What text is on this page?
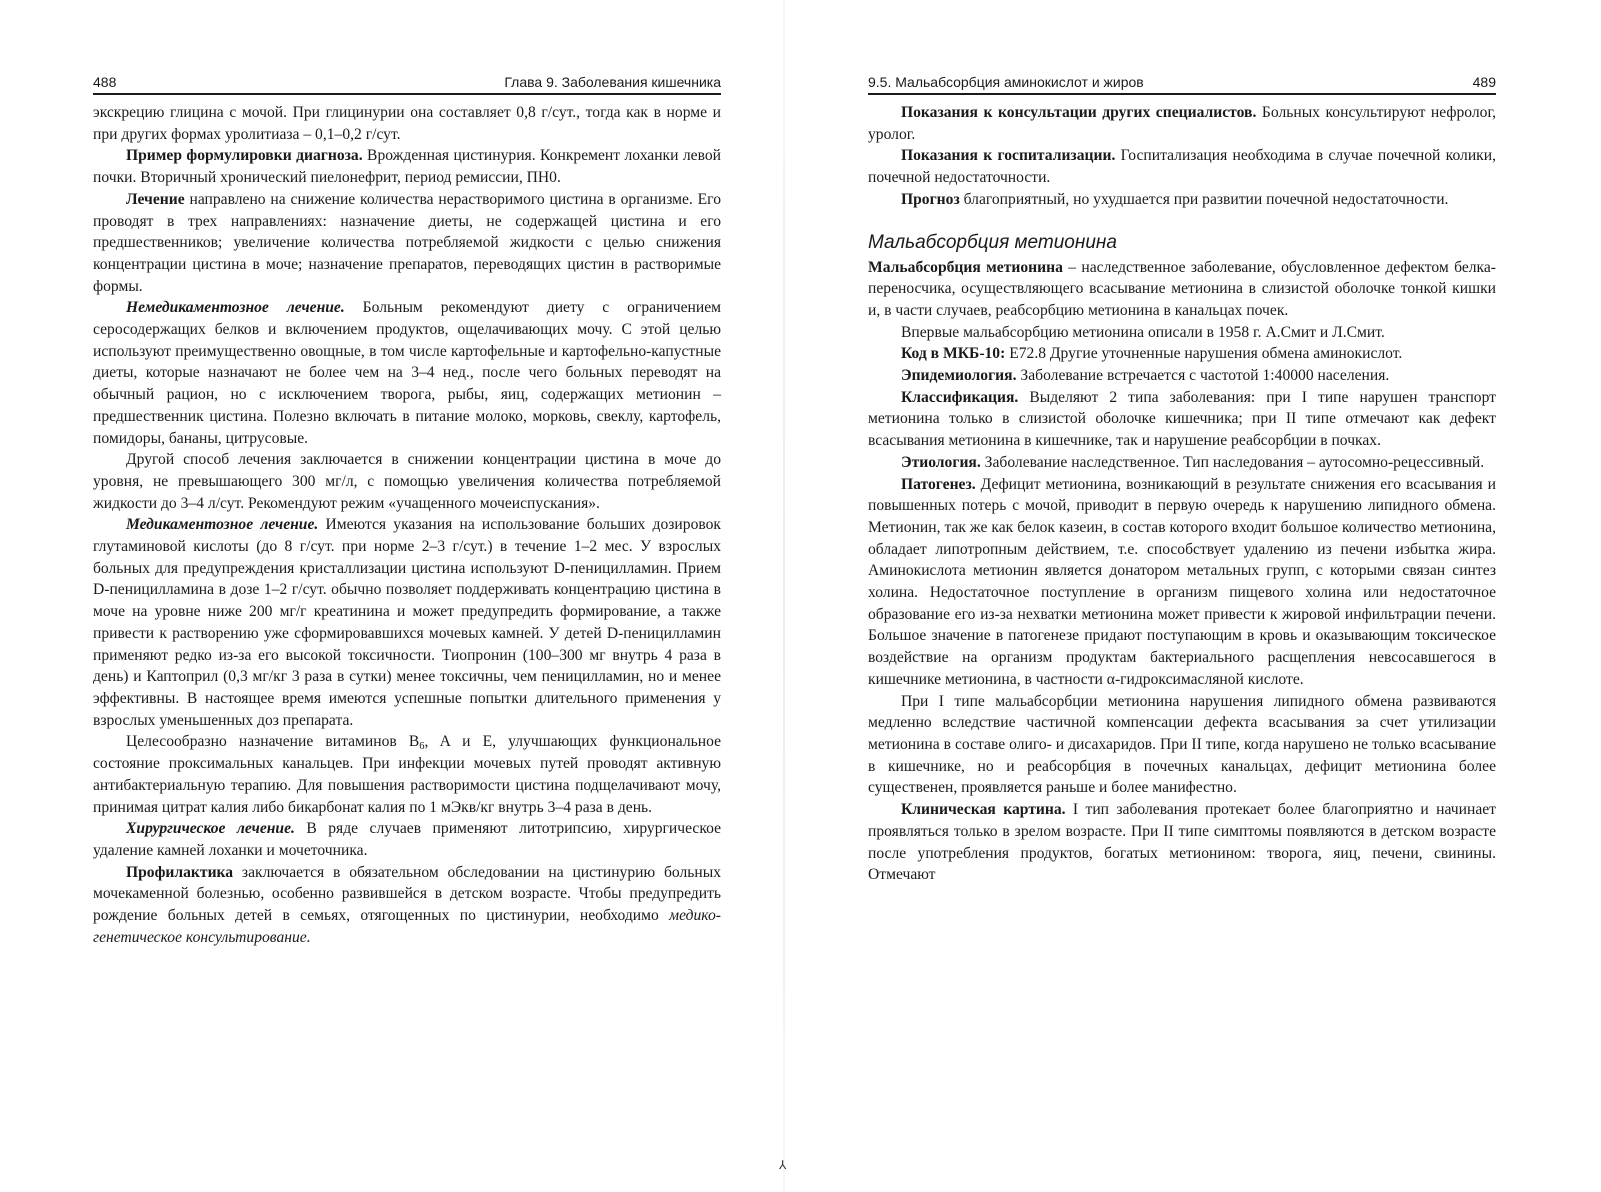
⅄
488	Глава 9. Заболевания кишечника

экскрецию глицина с мочой. При глицинурии она составляет 0,8 г/сут., тогда как в норме и при других формах уролитиаза – 0,1–0,2 г/сут.

Пример формулировки диагноза. Врожденная цистинурия. Конкремент лоханки левой почки. Вторичный хронический пиелонефрит, период ремиссии, ПН0.

Лечение направлено на снижение количества нерастворимого цистина в организме. Его проводят в трех направлениях: назначение диеты, не содержащей цистина и его предшественников; увеличение количества потребляемой жидкости с целью снижения концентрации цистина в моче; назначение препаратов, переводящих цистин в растворимые формы.

Немедикаментозное лечение. Больным рекомендуют диету с ограничением серосодержащих белков и включением продуктов, ощелачивающих мочу. С этой целью используют преимущественно овощные, в том числе картофельные и картофельно-капустные диеты, которые назначают не более чем на 3–4 нед., после чего больных переводят на обычный рацион, но с исключением творога, рыбы, яиц, содержащих метионин – предшественник цистина. Полезно включать в питание молоко, морковь, свеклу, картофель, помидоры, бананы, цитрусовые.

Другой способ лечения заключается в снижении концентрации цистина в моче до уровня, не превышающего 300 мг/л, с помощью увеличения количества потребляемой жидкости до 3–4 л/сут. Рекомендуют режим «учащенного мочеиспускания».

Медикаментозное лечение. Имеются указания на использование больших дозировок глутаминовой кислоты (до 8 г/сут. при норме 2–3 г/сут.) в течение 1–2 мес. У взрослых больных для предупреждения кристаллизации цистина используют D-пеницилламин. Прием D-пеницилламина в дозе 1–2 г/сут. обычно позволяет поддерживать концентрацию цистина в моче на уровне ниже 200 мг/г креатинина и может предупредить формирование, а также привести к растворению уже сформировавшихся мочевых камней. У детей D-пеницилламин применяют редко из-за его высокой токсичности. Тиопронин (100–300 мг внутрь 4 раза в день) и Каптоприл (0,3 мг/кг 3 раза в сутки) менее токсичны, чем пеницилламин, но и менее эффективны. В настоящее время имеются успешные попытки длительного применения у взрослых уменьшенных доз препарата.

Целесообразно назначение витаминов $B_6$, A и E, улучшающих функциональное состояние проксимальных канальцев. При инфекции мочевых путей проводят активную антибактериальную терапию. Для повышения растворимости цистина подщелачивают мочу, принимая цитрат калия либо бикарбонат калия по 1 мЭкв/кг внутрь 3–4 раза в день.

Хирургическое лечение. В ряде случаев применяют литотрипсию, хирургическое удаление камней лоханки и мочеточника.

Профилактика заключается в обязательном обследовании на цистинурию больных мочекаменной болезнью, особенно развившейся в детском возрасте. Чтобы предупредить рождение больных детей в семьях, отягощенных по цистинурии, необходимо медико-генетическое консультирование.

9.5. Мальабсорбция аминокислот и жиров	489

Показания к консультации других специалистов. Больных консультируют нефролог, уролог.

Показания к госпитализации. Госпитализация необходима в случае почечной колики, почечной недостаточности.

Прогноз благоприятный, но ухудшается при развитии почечной недостаточности.

Мальабсорбция метионина

Мальабсорбция метионина – наследственное заболевание, обусловленное дефектом белка-переносчика, осуществляющего всасывание метионина в слизистой оболочке тонкой кишки и, в части случаев, реабсорбцию метионина в канальцах почек.

Впервые мальабсорбцию метионина описали в 1958 г. А.Смит и Л.Смит.

Код в МКБ-10: E72.8 Другие уточненные нарушения обмена аминокислот.

Эпидемиология. Заболевание встречается с частотой 1:40000 населения.

Классификация. Выделяют 2 типа заболевания: при I типе нарушен транспорт метионина только в слизистой оболочке кишечника; при II типе отмечают как дефект всасывания метионина в кишечнике, так и нарушение реабсорбции в почках.

Этиология. Заболевание наследственное. Тип наследования – аутосомно-рецессивный.

Патогенез. Дефицит метионина, возникающий в результате снижения его всасывания и повышенных потерь с мочой, приводит в первую очередь к нарушению липидного обмена. Метионин, так же как белок казеин, в состав которого входит большое количество метионина, обладает липотропным действием, т.е. способствует удалению из печени избытка жира. Аминокислота метионин является донатором метальных групп, с которыми связан синтез холина. Недостаточное поступление в организм пищевого холина или недостаточное образование его из-за нехватки метионина может привести к жировой инфильтрации печени. Большое значение в патогенезе придают поступающим в кровь и оказывающим токсическое воздействие на организм продуктам бактериального расщепления невсосавшегося в кишечнике метионина, в частности α-гидроксимасляной кислоте.

При I типе мальабсорбции метионина нарушения липидного обмена развиваются медленно вследствие частичной компенсации дефекта всасывания за счет утилизации метионина в составе олиго- и дисахаридов. При II типе, когда нарушено не только всасывание в кишечнике, но и реабсорбция в почечных канальцах, дефицит метионина более существенен, проявляется раньше и более манифестно.

Клиническая картина. I тип заболевания протекает более благоприятно и начинает проявляться только в зрелом возрасте. При II типе симптомы появляются в детском возрасте после употребления продуктов, богатых метионином: творога, яиц, печени, свинины. Отмечают
